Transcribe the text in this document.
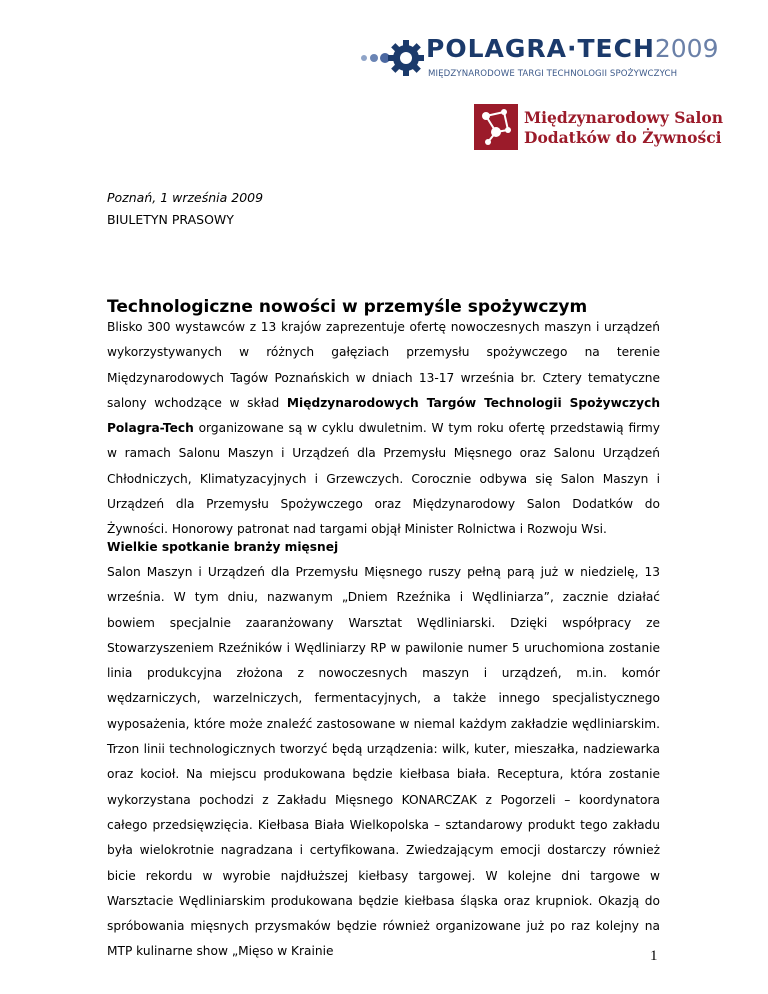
POLAGRA·TECH2009
MIĘDZYNARODOWE TARGI TECHNOLOGII SPOŻYWCZYCH
Międzynarodowy Salon
Dodatków do Żywności
Poznań, 1 września 2009
BIULETYN PRASOWY
Technologiczne nowości w przemyśle spożywczym

Blisko 300 wystawców z 13 krajów zaprezentuje ofertę nowoczesnych maszyn i urządzeń wykorzystywanych w różnych gałęziach przemysłu spożywczego na terenie Międzynarodowych Tagów Poznańskich w dniach 13-17 września br. Cztery tematyczne salony wchodzące w skład Międzynarodowych Targów Technologii Spożywczych Polagra-Tech organizowane są w cyklu dwuletnim. W tym roku ofertę przedstawią firmy w ramach Salonu Maszyn i Urządzeń dla Przemysłu Mięsnego oraz Salonu Urządzeń Chłodniczych, Klimatyzacyjnych i Grzewczych. Corocznie odbywa się Salon Maszyn i Urządzeń dla Przemysłu Spożywczego oraz Międzynarodowy Salon Dodatków do Żywności. Honorowy patronat nad targami objął Minister Rolnictwa i Rozwoju Wsi.

Wielkie spotkanie branży mięsnej

Salon Maszyn i Urządzeń dla Przemysłu Mięsnego ruszy pełną parą już w niedzielę, 13 września. W tym dniu, nazwanym „Dniem Rzeźnika i Wędliniarza”, zacznie działać bowiem specjalnie zaaranżowany Warsztat Wędliniarski. Dzięki współpracy ze Stowarzyszeniem Rzeźników i Wędliniarzy RP w pawilonie numer 5 uruchomiona zostanie linia produkcyjna złożona z nowoczesnych maszyn i urządzeń, m.in. komór wędzarniczych, warzelniczych, fermentacyjnych, a także innego specjalistycznego wyposażenia, które może znaleźć zastosowane w niemal każdym zakładzie wędliniarskim. Trzon linii technologicznych tworzyć będą urządzenia: wilk, kuter, mieszałka, nadziewarka oraz kocioł. Na miejscu produkowana będzie kiełbasa biała. Receptura, która zostanie wykorzystana pochodzi z Zakładu Mięsnego KONARCZAK z Pogorzeli – koordynatora całego przedsięwzięcia. Kiełbasa Biała Wielkopolska – sztandarowy produkt tego zakładu była wielokrotnie nagradzana i certyfikowana. Zwiedzającym emocji dostarczy również bicie rekordu w wyrobie najdłuższej kiełbasy targowej. W kolejne dni targowe w Warsztacie Wędliniarskim produkowana będzie kiełbasa śląska oraz krupniok. Okazją do spróbowania mięsnych przysmaków będzie również organizowane już po raz kolejny na MTP kulinarne show „Mięso w Krainie	1
